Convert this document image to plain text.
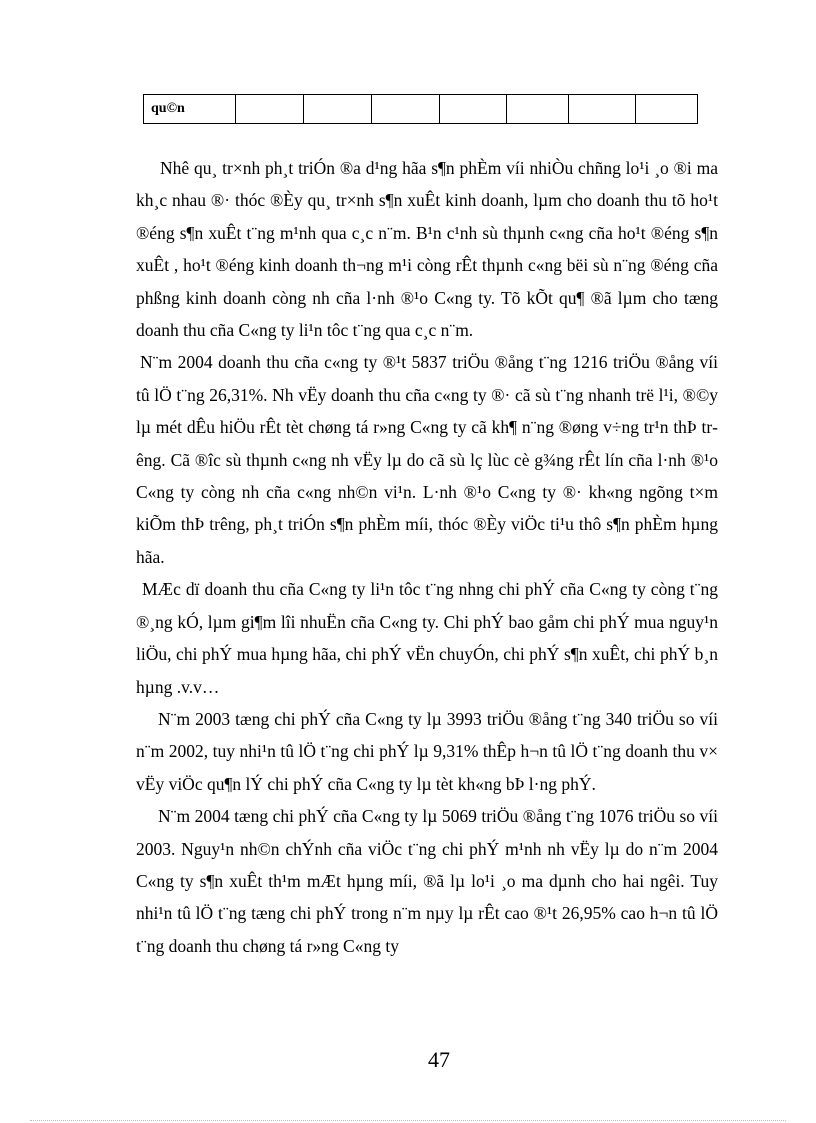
qu©n							

Nhê qu¸ tr×nh ph¸t triÓn ®a d¹ng hãa s¶n phÈm víi nhiÒu chñng lo¹i ¸o ®i ma kh¸c nhau ®· thóc ®Èy qu¸ tr×nh s¶n xuÊt kinh doanh, lµm cho doanh thu tõ ho¹t ®éng s¶n xuÊt t¨ng m¹nh qua c¸c n¨m. B¹n c¹nh sù thµnh c«ng cña ho¹t ®éng s¶n xuÊt , ho¹t ®éng kinh doanh th¬ng m¹i còng rÊt thµnh c«ng bëi sù n¨ng ®éng cña phßng kinh doanh còng nh cña l·nh ®¹o C«ng ty. Tõ kÕt qu¶ ®ã lµm cho tæng doanh thu cña C«ng ty li¹n tôc t¨ng qua c¸c n¨m.

N¨m 2004 doanh thu cña c«ng ty ®¹t 5837 triÖu ®ång t¨ng 1216 triÖu ®ång víi tû lÖ t¨ng 26,31%. Nh vËy doanh thu cña c«ng ty ®· cã sù t¨ng nhanh trë l¹i, ®©y lµ mét dÊu hiÖu rÊt tèt chøng tá r»ng C«ng ty cã kh¶ n¨ng ®øng v÷ng tr¹n thÞ trêng. Cã ®îc sù thµnh c«ng nh vËy lµ do cã sù lç lùc cè g¾ng rÊt lín cña l·nh ®¹o C«ng ty còng nh cña c«ng nh©n vi¹n. L·nh ®¹o C«ng ty ®· kh«ng ngõng t×m kiÕm thÞ trêng, ph¸t triÓn s¶n phÈm míi, thóc ®Èy viÖc ti¹u thô s¶n phÈm hµng hãa.

MÆc dï doanh thu cña C«ng ty li¹n tôc t¨ng nhng chi phÝ cña C«ng ty còng t¨ng ®¸ng kÓ, lµm gi¶m lîi nhuËn cña C«ng ty. Chi phÝ bao gåm chi phÝ mua nguy¹n liÖu, chi phÝ mua hµng hãa, chi phÝ vËn chuyÓn, chi phÝ s¶n xuÊt, chi phÝ b¸n hµng .v.v…

N¨m 2003 tæng chi phÝ cña C«ng ty lµ 3993 triÖu ®ång t¨ng 340 triÖu so víi n¨m 2002, tuy nhi¹n tû lÖ t¨ng chi phÝ lµ 9,31% thÊp h¬n tû lÖ t¨ng doanh thu v× vËy viÖc qu¶n lÝ chi phÝ cña C«ng ty lµ tèt kh«ng bÞ l·ng phÝ.

N¨m 2004 tæng chi phÝ cña C«ng ty lµ 5069 triÖu ®ång t¨ng 1076 triÖu so víi 2003. Nguy¹n nh©n chÝnh cña viÖc t¨ng chi phÝ m¹nh nh vËy lµ do n¨m 2004 C«ng ty s¶n xuÊt th¹m mÆt hµng míi, ®ã lµ lo¹i ¸o ma dµnh cho hai ngêi. Tuy nhi¹n tû lÖ t¨ng tæng chi phÝ trong n¨m nµy lµ rÊt cao ®¹t 26,95% cao h¬n tû lÖ t¨ng doanh thu chøng tá r»ng C«ng ty

47
